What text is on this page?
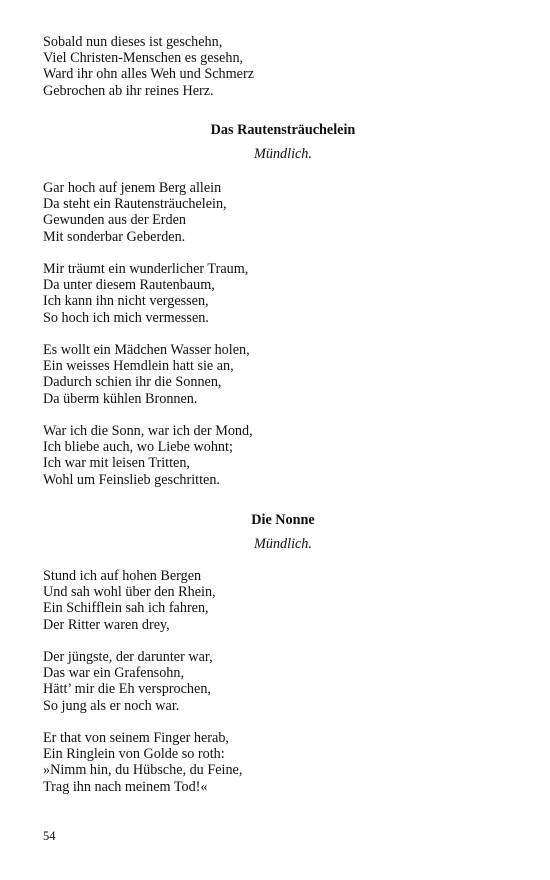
Sobald nun dieses ist geschehn,
Viel Christen-Menschen es gesehn,
Ward ihr ohn alles Weh und Schmerz
Gebrochen ab ihr reines Herz.
Das Rautensträuchelein
Mündlich.
Gar hoch auf jenem Berg allein
Da steht ein Rautensträuchelein,
Gewunden aus der Erden
Mit sonderbar Geberden.
Mir träumt ein wunderlicher Traum,
Da unter diesem Rautenbaum,
Ich kann ihn nicht vergessen,
So hoch ich mich vermessen.
Es wollt ein Mädchen Wasser holen,
Ein weisses Hemdlein hatt sie an,
Dadurch schien ihr die Sonnen,
Da überm kühlen Bronnen.
War ich die Sonn, war ich der Mond,
Ich bliebe auch, wo Liebe wohnt;
Ich war mit leisen Tritten,
Wohl um Feinslieb geschritten.
Die Nonne
Mündlich.
Stund ich auf hohen Bergen
Und sah wohl über den Rhein,
Ein Schifflein sah ich fahren,
Der Ritter waren drey,
Der jüngste, der darunter war,
Das war ein Grafensohn,
Hätt’ mir die Eh versprochen,
So jung als er noch war.
Er that von seinem Finger herab,
Ein Ringlein von Golde so roth:
»Nimm hin, du Hübsche, du Feine,
Trag ihn nach meinem Tod!«
54
